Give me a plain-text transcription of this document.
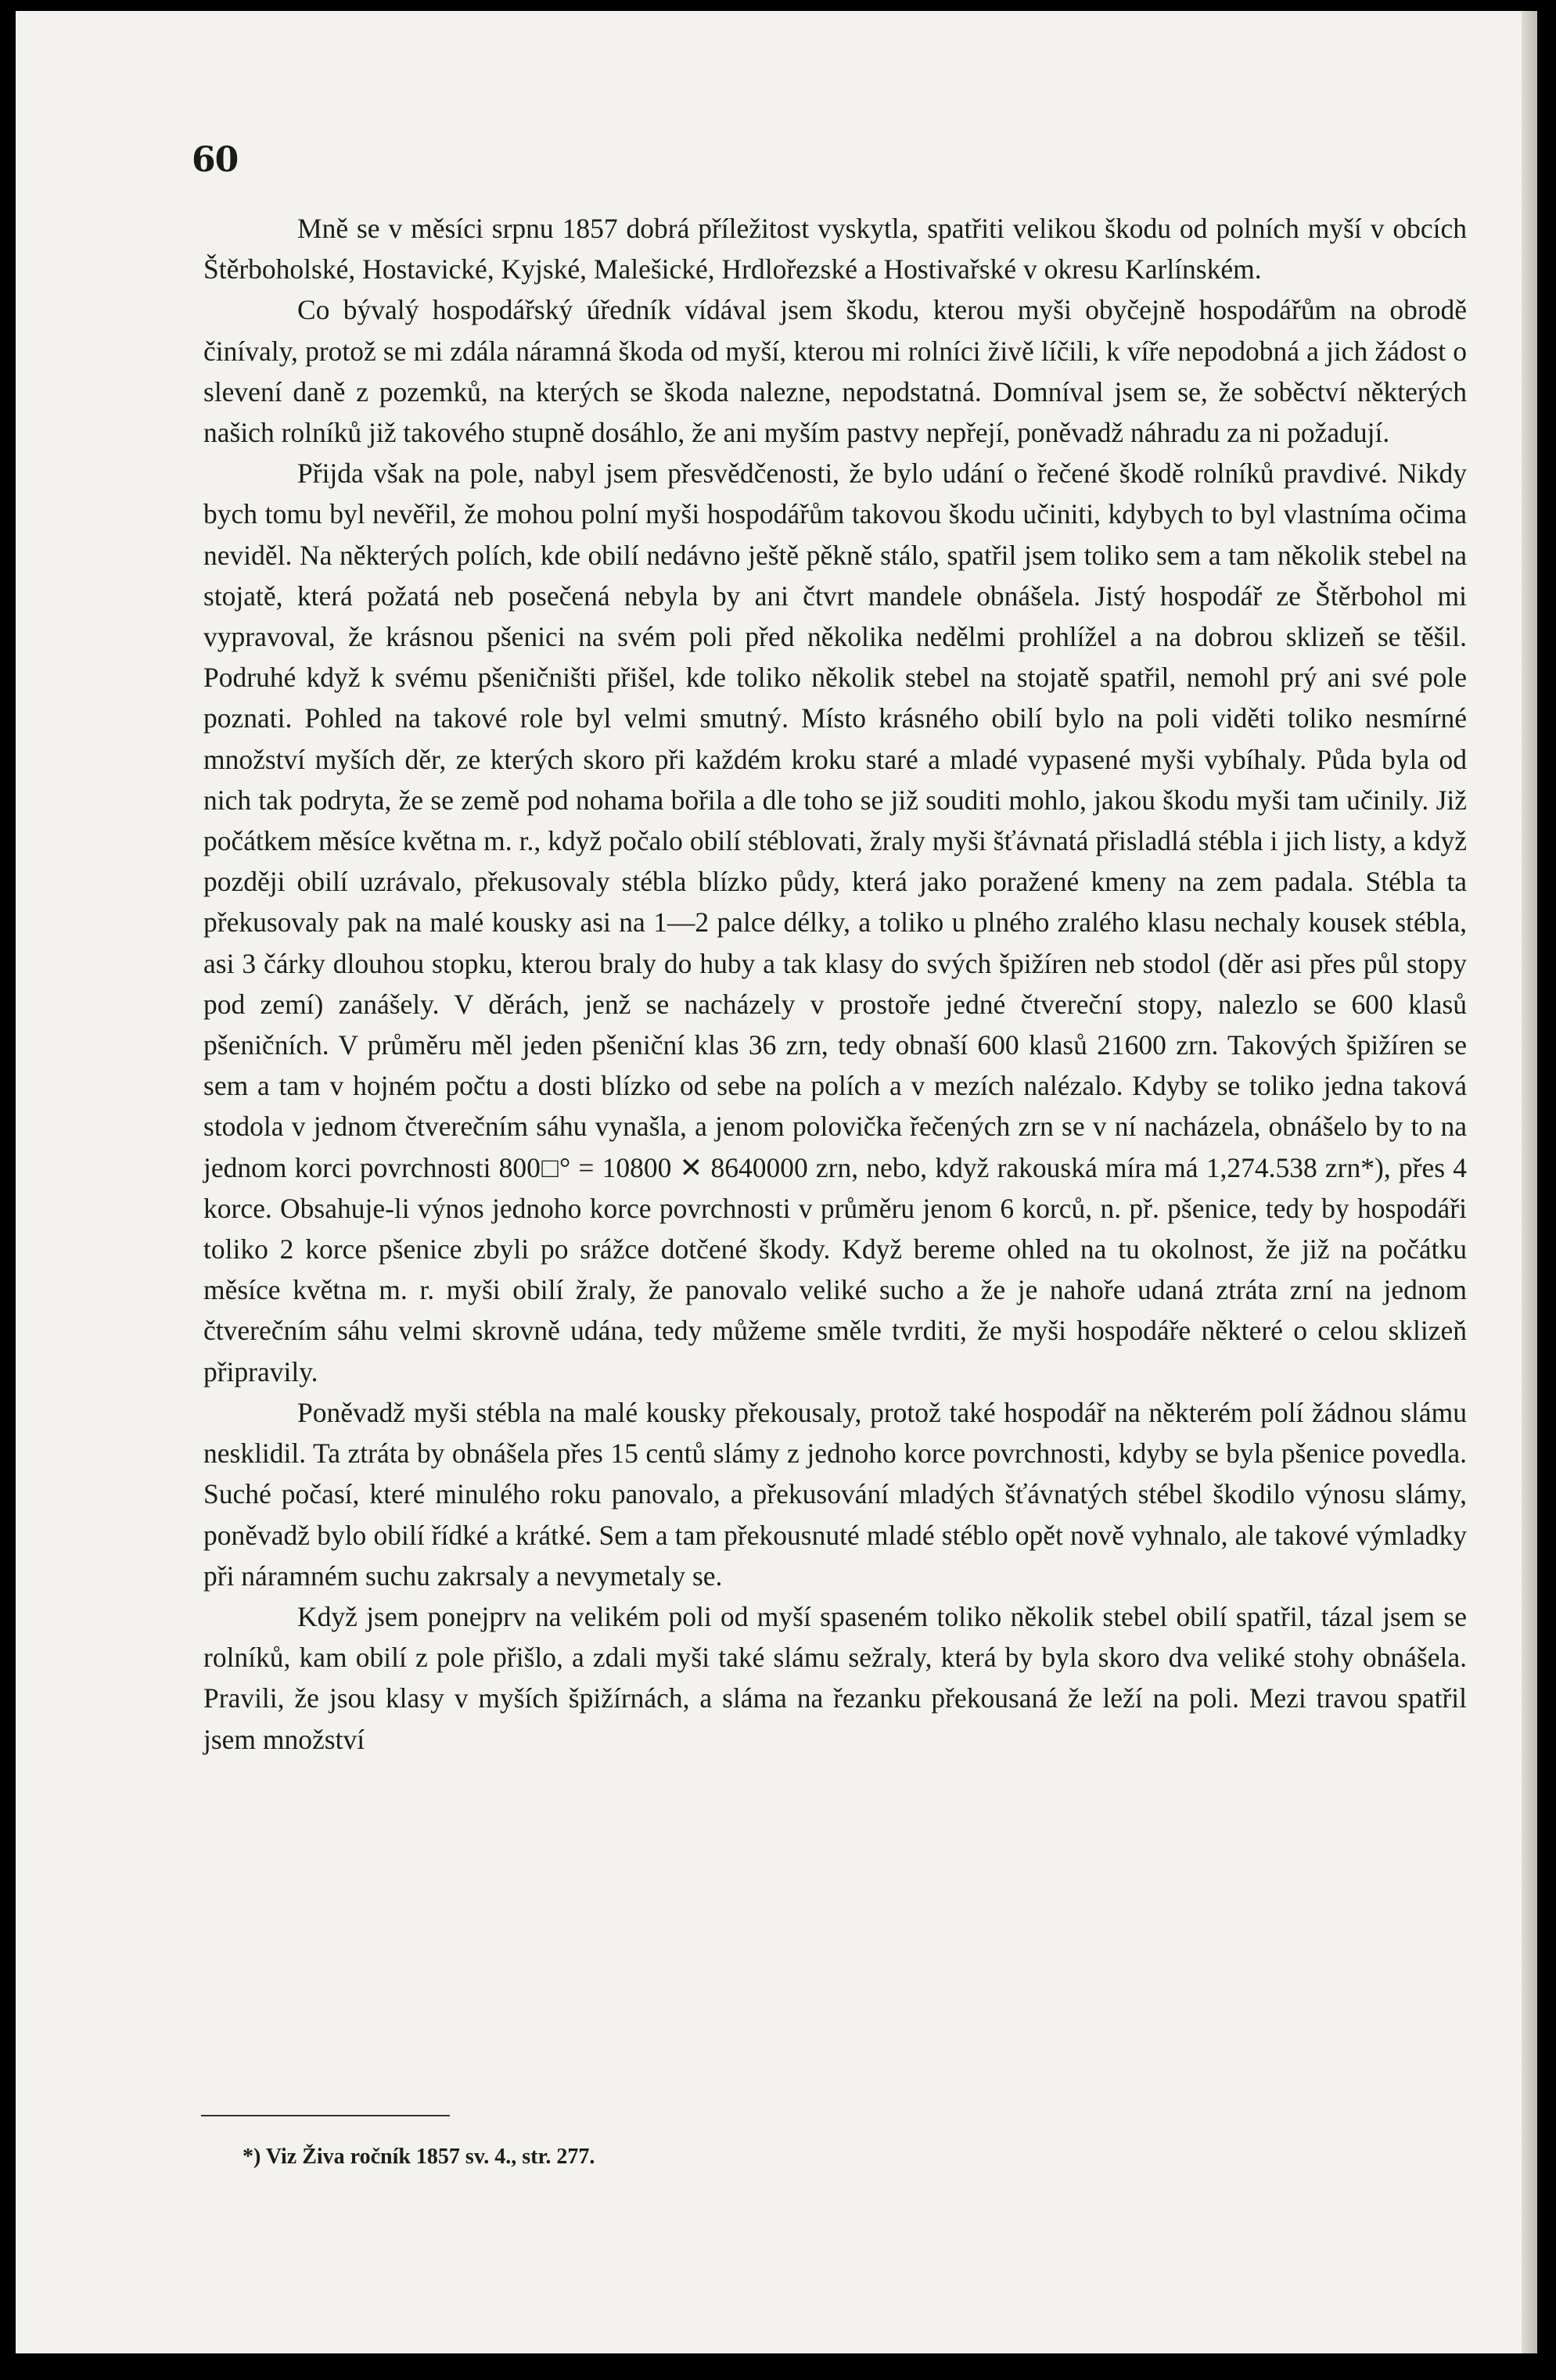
60

Mně se v měsíci srpnu 1857 dobrá příležitost vyskytla, spatřiti velikou škodu od polních myší v obcích Štěrboholské, Hostavické, Kyjské, Malešické, Hrdlořezské a Hostivařské v okresu Karlínském.

Co bývalý hospodářský úředník vídával jsem škodu, kterou myši obyčejně hospodářům na obrodě činívaly, protož se mi zdála náramná škoda od myší, kterou mi rolníci živě líčili, k víře nepodobná a jich žádost o slevení daně z pozemků, na kterých se škoda nalezne, nepodstatná. Domníval jsem se, že soběctví některých našich rolníků již takového stupně dosáhlo, že ani myším pastvy nepřejí, poněvadž náhradu za ni požadují.

Přijda však na pole, nabyl jsem přesvědčenosti, že bylo udání o řečené škodě rolníků pravdivé. Nikdy bych tomu byl nevěřil, že mohou polní myši hospodářům takovou škodu učiniti, kdybych to byl vlastníma očima neviděl. Na některých polích, kde obilí nedávno ještě pěkně stálo, spatřil jsem toliko sem a tam několik stebel na stojatě, která požatá neb posečená nebyla by ani čtvrt mandele obnášela. Jistý hospodář ze Štěrbohol mi vypravoval, že krásnou pšenici na svém poli před několika nedělmi prohlížel a na dobrou sklizeň se těšil. Podruhé když k svému pšeničništi přišel, kde toliko několik stebel na stojatě spatřil, nemohl prý ani své pole poznati. Pohled na takové role byl velmi smutný. Místo krásného obilí bylo na poli viděti toliko nesmírné množství myších děr, ze kterých skoro při každém kroku staré a mladé vypasené myši vybíhaly. Půda byla od nich tak podryta, že se země pod nohama bořila a dle toho se již souditi mohlo, jakou škodu myši tam učinily. Již počátkem měsíce května m. r., když počalo obilí stéblovati, žraly myši šťávnatá přisladlá stébla i jich listy, a když později obilí uzrávalo, překusovaly stébla blízko půdy, která jako poražené kmeny na zem padala. Stébla ta překusovaly pak na malé kousky asi na 1—2 palce délky, a toliko u plného zralého klasu nechaly kousek stébla, asi 3 čárky dlouhou stopku, kterou braly do huby a tak klasy do svých špižíren neb stodol (děr asi přes půl stopy pod zemí) zanášely. V děrách, jenž se nacházely v prostoře jedné čtvereční stopy, nalezlo se 600 klasů pšeničních. V průměru měl jeden pšeniční klas 36 zrn, tedy obnaší 600 klasů 21600 zrn. Takových špižíren se sem a tam v hojném počtu a dosti blízko od sebe na polích a v mezích nalézalo. Kdyby se toliko jedna taková stodola v jednom čtverečním sáhu vynašla, a jenom polovička řečených zrn se v ní nacházela, obnášelo by to na jednom korci povrchnosti 800□° = 10800 ✕ 8640000 zrn, nebo, když rakouská míra má 1,274.538 zrn*), přes 4 korce. Obsahuje-li výnos jednoho korce povrchnosti v průměru jenom 6 korců, n. př. pšenice, tedy by hospodáři toliko 2 korce pšenice zbyli po srážce dotčené škody. Když bereme ohled na tu okolnost, že již na počátku měsíce května m. r. myši obilí žraly, že panovalo veliké sucho a že je nahoře udaná ztráta zrní na jednom čtverečním sáhu velmi skrovně udána, tedy můžeme směle tvrditi, že myši hospodáře některé o celou sklizeň připravily.

Poněvadž myši stébla na malé kousky překousaly, protož také hospodář na některém polí žádnou slámu nesklidil. Ta ztráta by obnášela přes 15 centů slámy z jednoho korce povrchnosti, kdyby se byla pšenice povedla. Suché počasí, které minulého roku panovalo, a překusování mladých šťávnatých stébel škodilo výnosu slámy, poněvadž bylo obilí řídké a krátké. Sem a tam překousnuté mladé stéblo opět nově vyhnalo, ale takové výmladky při náramném suchu zakrsaly a nevymetaly se.

Když jsem ponejprv na velikém poli od myší spaseném toliko několik stebel obilí spatřil, tázal jsem se rolníků, kam obilí z pole přišlo, a zdali myši také slámu sežraly, která by byla skoro dva veliké stohy obnášela. Pravili, že jsou klasy v myších špižírnách, a sláma na řezanku překousaná že leží na poli. Mezi travou spatřil jsem množství

*) Viz Živa ročník 1857 sv. 4., str. 277.
